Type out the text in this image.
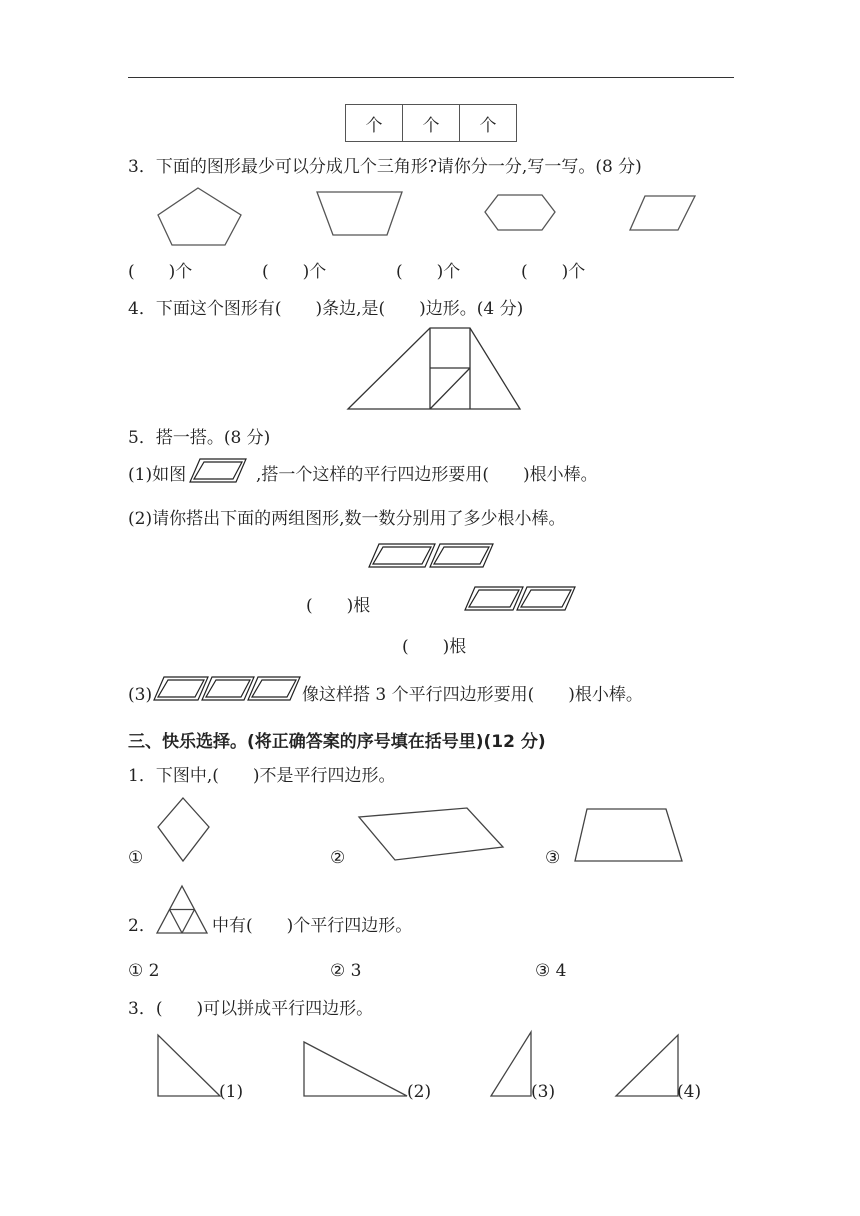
个	个	个
3．下面的图形最少可以分成几个三角形?请你分一分,写一写。(8 分)
(　　)个	(　　)个	(　　)个	(　　)个
4．下面这个图形有(　　)条边,是(　　)边形。(4 分)
5．搭一搭。(8 分)
(1)如图	,搭一个这样的平行四边形要用(　　)根小棒。
(2)请你搭出下面的两组图形,数一数分别用了多少根小棒。
(　　)根
(　　)根
(3)	像这样搭 3 个平行四边形要用(　　)根小棒。
三、快乐选择。(将正确答案的序号填在括号里)(12 分)
1．下图中,(　　)不是平行四边形。
①	②	③
2．	中有(　　)个平行四边形。
① 2	② 3	③ 4
3．(　　)可以拼成平行四边形。
(1)	(2)	(3)	(4)
